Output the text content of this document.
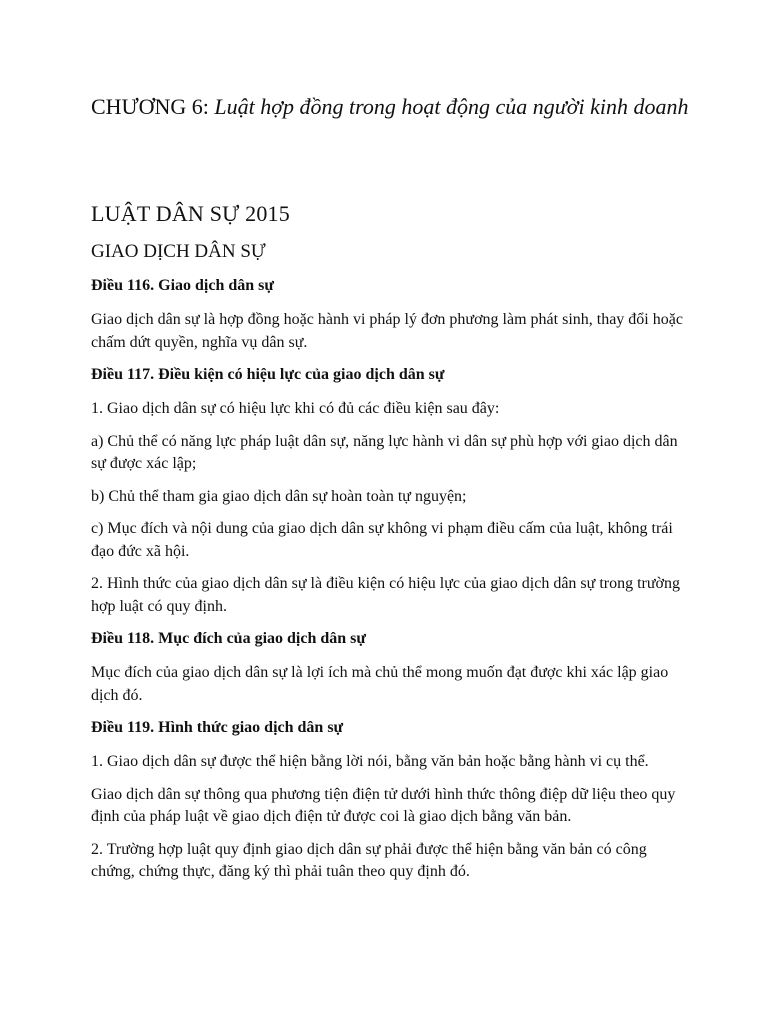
CHƯƠNG 6: Luật hợp đồng trong hoạt động của người kinh doanh
LUẬT DÂN SỰ 2015
GIAO DỊCH DÂN SỰ

Điều 116. Giao dịch dân sự

Giao dịch dân sự là hợp đồng hoặc hành vi pháp lý đơn phương làm phát sinh, thay đổi hoặc chấm dứt quyền, nghĩa vụ dân sự.

Điều 117. Điều kiện có hiệu lực của giao dịch dân sự

1. Giao dịch dân sự có hiệu lực khi có đủ các điều kiện sau đây:

a) Chủ thể có năng lực pháp luật dân sự, năng lực hành vi dân sự phù hợp với giao dịch dân sự được xác lập;

b) Chủ thể tham gia giao dịch dân sự hoàn toàn tự nguyện;

c) Mục đích và nội dung của giao dịch dân sự không vi phạm điều cấm của luật, không trái đạo đức xã hội.

2. Hình thức của giao dịch dân sự là điều kiện có hiệu lực của giao dịch dân sự trong trường hợp luật có quy định.

Điều 118. Mục đích của giao dịch dân sự

Mục đích của giao dịch dân sự là lợi ích mà chủ thể mong muốn đạt được khi xác lập giao dịch đó.

Điều 119. Hình thức giao dịch dân sự

1. Giao dịch dân sự được thể hiện bằng lời nói, bằng văn bản hoặc bằng hành vi cụ thể.

Giao dịch dân sự thông qua phương tiện điện tử dưới hình thức thông điệp dữ liệu theo quy định của pháp luật về giao dịch điện tử được coi là giao dịch bằng văn bản.

2. Trường hợp luật quy định giao dịch dân sự phải được thể hiện bằng văn bản có công chứng, chứng thực, đăng ký thì phải tuân theo quy định đó.
